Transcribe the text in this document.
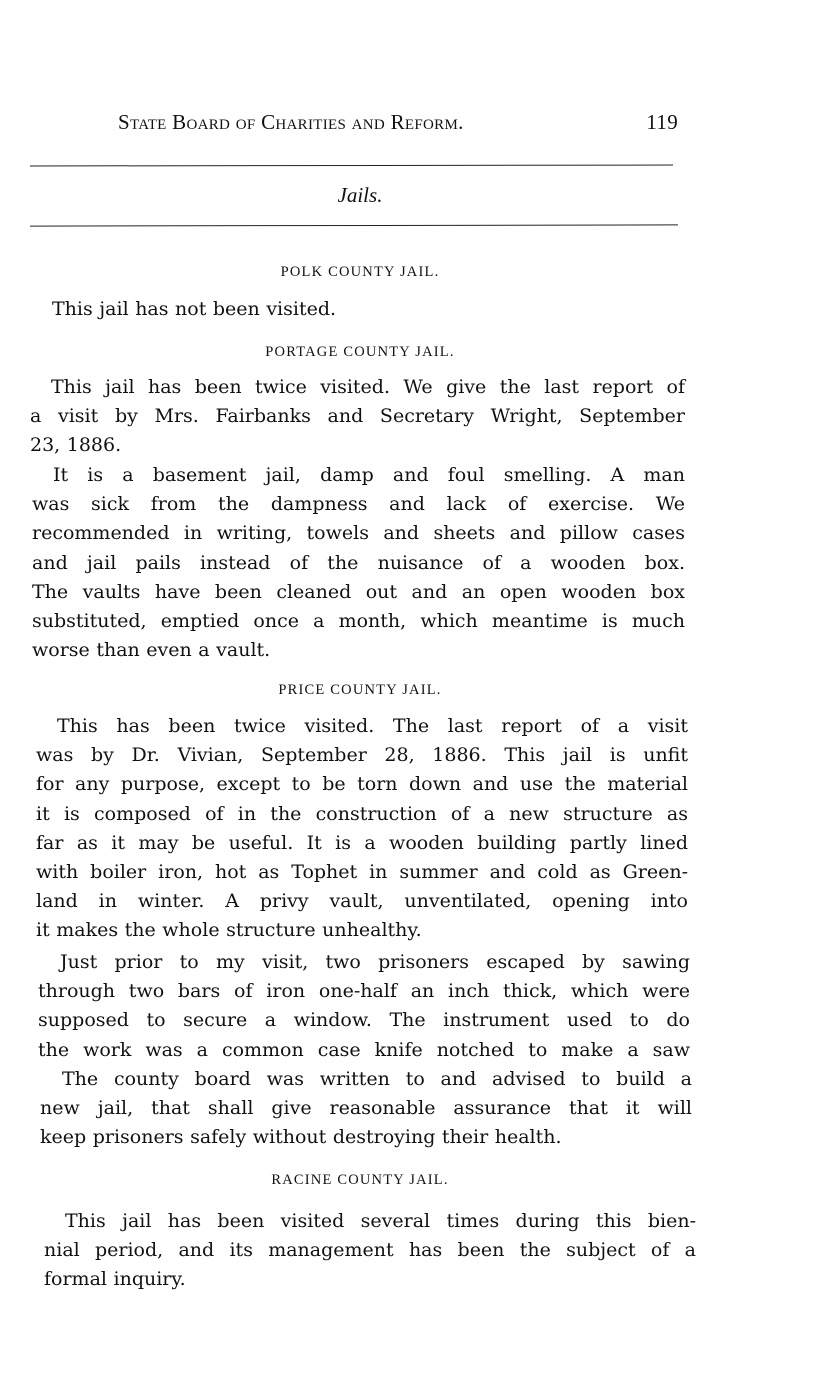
State Board of Charities and Reform.	119
Jails.
POLK COUNTY JAIL.
This jail has not been visited.
PORTAGE COUNTY JAIL.
This jail has been twice visited. We give the last report of
a visit by Mrs. Fairbanks and Secretary Wright, September
23, 1886.
It is a basement jail, damp and foul smelling. A man
was sick from the dampness and lack of exercise. We
recommended in writing, towels and sheets and pillow cases
and jail pails instead of the nuisance of a wooden box.
The vaults have been cleaned out and an open wooden box
substituted, emptied once a month, which meantime is much
worse than even a vault.
PRICE COUNTY JAIL.
This has been twice visited. The last report of a visit
was by Dr. Vivian, September 28, 1886. This jail is unfit
for any purpose, except to be torn down and use the material
it is composed of in the construction of a new structure as
far as it may be useful. It is a wooden building partly lined
with boiler iron, hot as Tophet in summer and cold as Green-
land in winter. A privy vault, unventilated, opening into
it makes the whole structure unhealthy.
Just prior to my visit, two prisoners escaped by sawing
through two bars of iron one-half an inch thick, which were
supposed to secure a window. The instrument used to do
the work was a common case knife notched to make a saw
The county board was written to and advised to build a
new jail, that shall give reasonable assurance that it will
keep prisoners safely without destroying their health.
RACINE COUNTY JAIL.
This jail has been visited several times during this bien-
nial period, and its management has been the subject of a
formal inquiry.
